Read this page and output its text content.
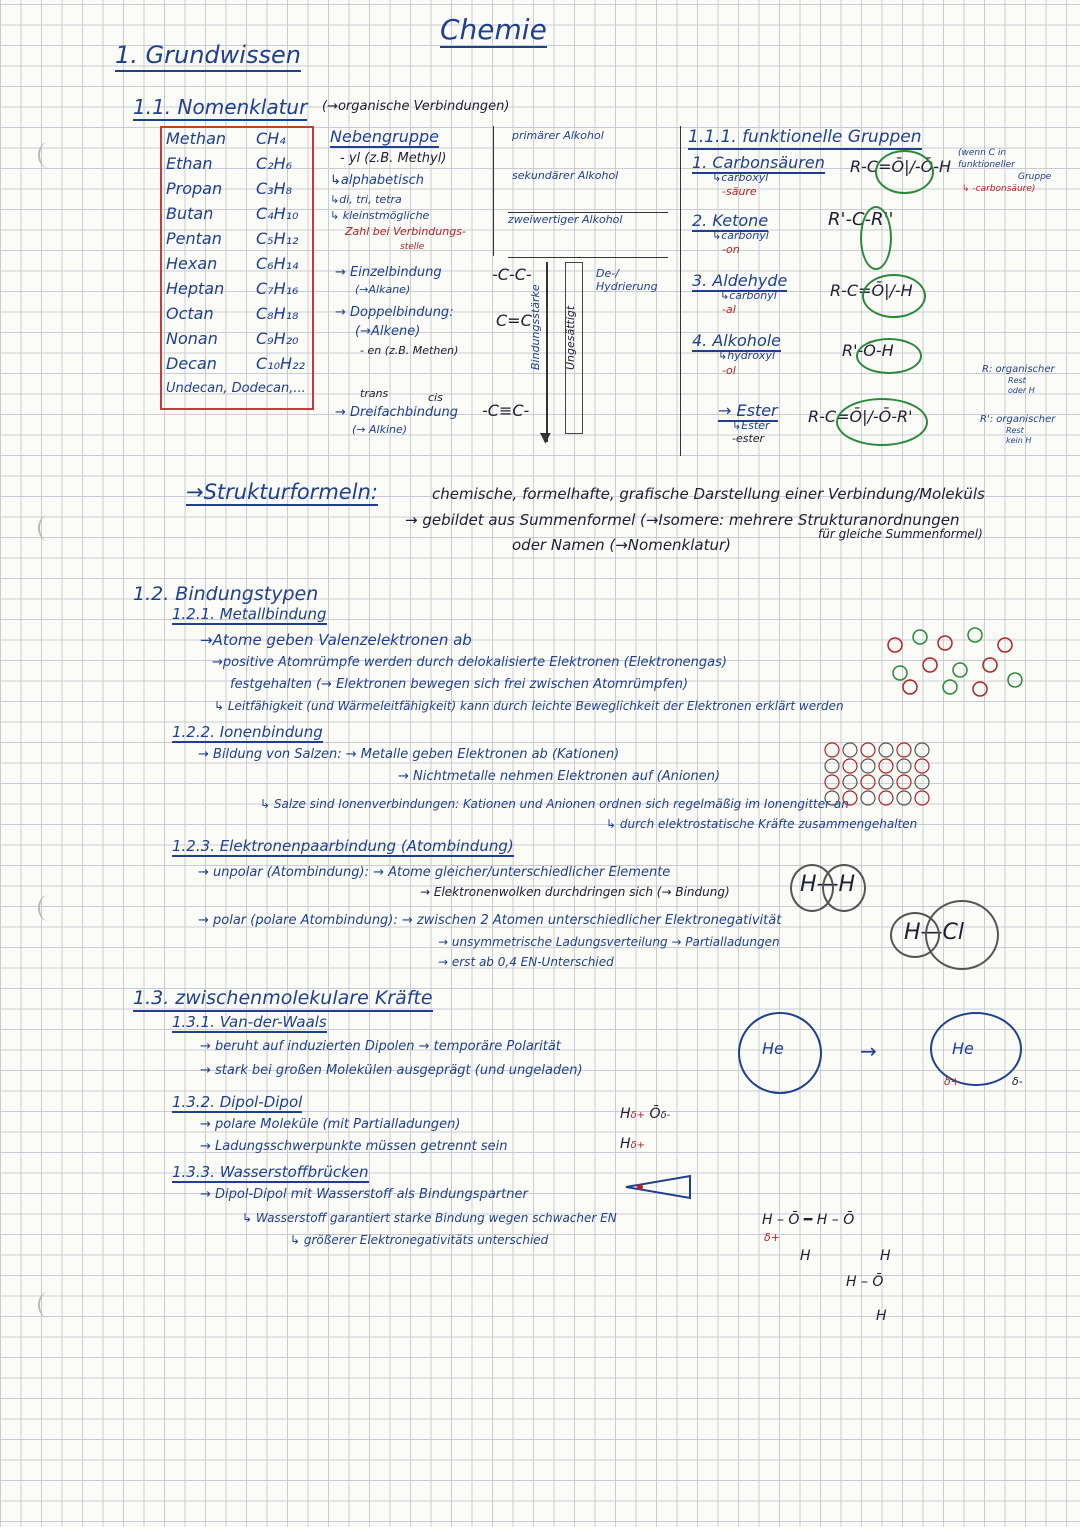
Chemie
1. Grundwissen
1.1. Nomenklatur (→organische Verbindungen)
Methan CH₄
Ethan	C₂H₆
Propan C₃H₈
Butan	C₄H₁₀
Pentan C₅H₁₂
Hexan C₆H₁₄
Heptan C₇H₁₆
Octan	C₈H₁₈
Nonan C₉H₂₀
Decan C₁₀H₂₂
Undecan, Dodecan,...
Nebengruppe
- yl (z.B. Methyl)
↳alphabetisch
↳di, tri, tetra
↳ kleinstmögliche
Zahl bei Verbindungs-
stelle
→ Einzelbindung
(→Alkane)
→ Doppelbindung:
(→Alkene)
- en (z.B. Methen)
trans	cis
→ Dreifachbindung
(→ Alkine)
-C-C-
C=C
-C≡C-
primärer Alkohol
sekundärer Alkohol
zweiwertiger Alkohol
▼
Bindungsstärke Ungesättigt
De-/ Hydrierung
1.1.1. funktionelle Gruppen
1. Carbonsäuren
↳carboxyl
-säure
R-C=Ō|/-Ō-H
2. Ketone
↳carbonyl
-on
R'-C-R''
3. Aldehyde
↳carbonyl
-al
R-C=Ō|/-H
4. Alkohole
↳hydroxyl
-ol
R'-Ō-H
→ Ester
↳Ester
-ester
R-C=Ō|/-Ō-R'
(wenn C in
funktioneller
Gruppe
↳ -carbonsäure)
R: organischer
Rest
oder H
R': organischer
Rest
kein H
→Strukturformeln:	chemische, formelhafte, grafische Darstellung einer Verbindung/Moleküls
→ gebildet aus Summenformel (→Isomere: mehrere Strukturanordnungen
oder Namen (→Nomenklatur)
für gleiche Summenformel)
1.2. Bindungstypen
1.2.1. Metallbindung
→Atome geben Valenzelektronen ab
→positive Atomrümpfe werden durch delokalisierte Elektronen (Elektronengas)
festgehalten (→ Elektronen bewegen sich frei zwischen Atomrümpfen)
↳ Leitfähigkeit (und Wärmeleitfähigkeit) kann durch leichte Beweglichkeit der Elektronen erklärt werden
1.2.2. Ionenbindung
→ Bildung von Salzen: → Metalle geben Elektronen ab (Kationen)
→ Nichtmetalle nehmen Elektronen auf (Anionen)
↳ Salze sind Ionenverbindungen: Kationen und Anionen ordnen sich regelmäßig im Ionengitter an
↳ durch elektrostatische Kräfte zusammengehalten
1.2.3. Elektronenpaarbindung (Atombindung)
→ unpolar (Atombindung): → Atome gleicher/unterschiedlicher Elemente
→ Elektronenwolken durchdringen sich (→ Bindung)
→ polar (polare Atombindung): → zwischen 2 Atomen unterschiedlicher Elektronegativität
→ unsymmetrische Ladungsverteilung → Partialladungen
→ erst ab 0,4 EN-Unterschied
H—H
H—Cl
1.3. zwischenmolekulare Kräfte
1.3.1. Van-der-Waals
→ beruht auf induzierten Dipolen → temporäre Polarität
→ stark bei großen Molekülen ausgeprägt (und ungeladen)
He	→	He
δ+	δ-
1.3.2. Dipol-Dipol
→ polare Moleküle (mit Partialladungen)
→ Ladungsschwerpunkte müssen getrennt sein
Hδ+ Ōδ-
Hδ+
1.3.3. Wasserstoffbrücken
→ Dipol-Dipol mit Wasserstoff als Bindungspartner
↳ Wasserstoff garantiert starke Bindung wegen schwacher EN
↳ größerer Elektronegativitäts unterschied
H – Ō ━ H – Ō
δ+
H	H
H – Ō
H
